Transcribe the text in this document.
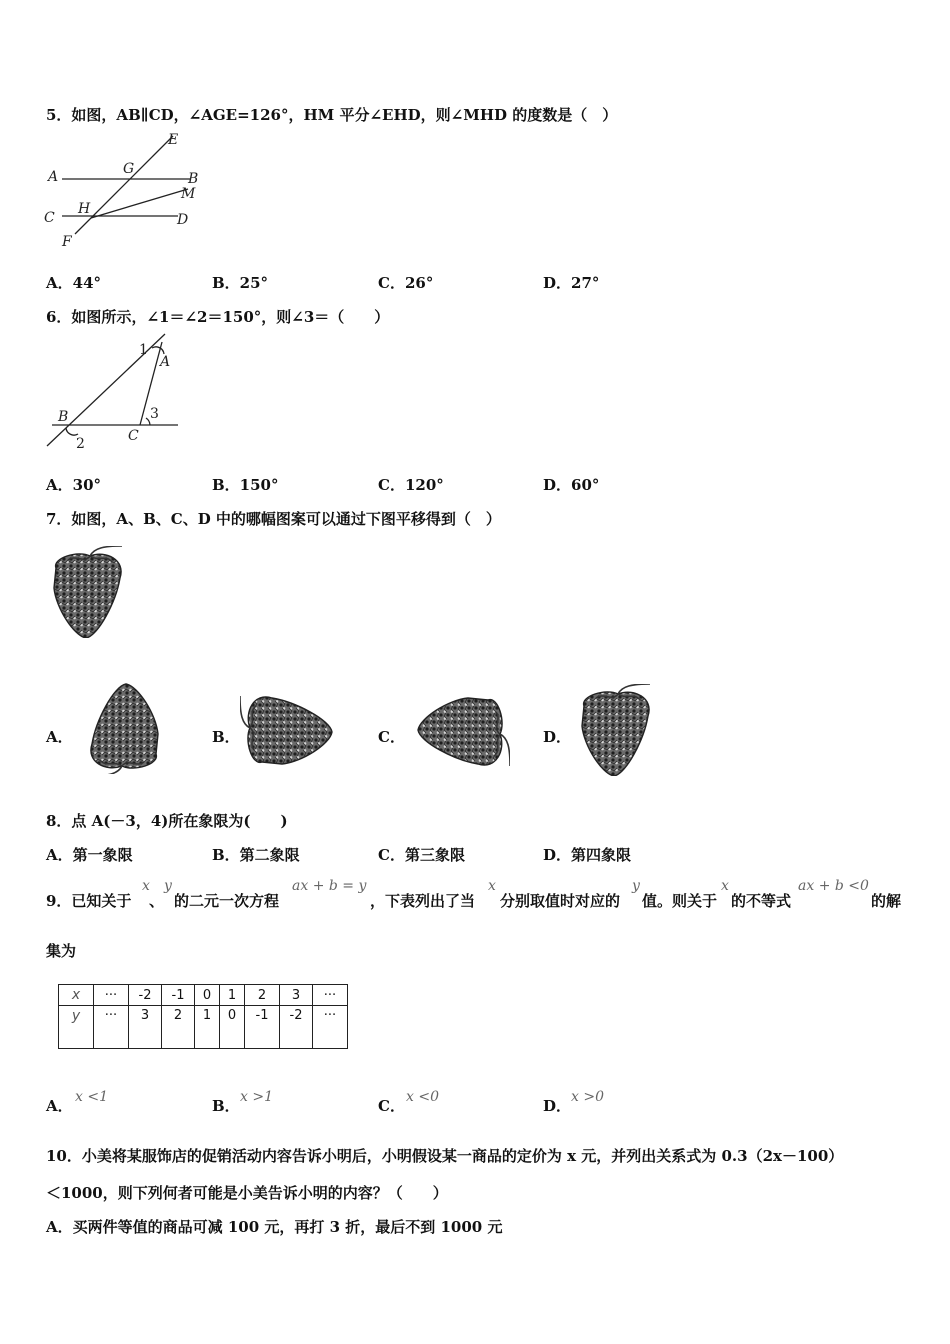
5．如图，AB∥CD，∠AGE=126°，HM 平分∠EHD，则∠MHD 的度数是（　）
A	B
C	D
E
F
G
H
M
A．44°	B．25°	C．26°	D．27°
6．如图所示，∠1＝∠2＝150°，则∠3＝（　　）
A
B
C
1
2
3
A．30°	B．150°	C．120°	D．60°
7．如图，A、B、C、D 中的哪幅图案可以通过下图平移得到（　）
A．	B．	C．	D．
8．点 A(－3，4)所在象限为(　　)
A．第一象限	B．第二象限	C．第三象限	D．第四象限
9．已知关于
x
、
y
的二元一次方程
ax + b = y
，下表列出了当
x
分别取值时对应的
y
值。则关于
x
的不等式
ax + b <0
的解
集为
x	···	-2	-1	0	1	2	3	···
y	···	3	2	1	0	-1	-2	···
A． x <1	B． x >1	C． x <0	D． x >0
10．小美将某服饰店的促销活动内容告诉小明后，小明假设某一商品的定价为 x 元，并列出关系式为 0.3（2x－100）
＜1000，则下列何者可能是小美告诉小明的内容？（　　）
A．买两件等值的商品可减 100 元，再打 3 折，最后不到 1000 元
